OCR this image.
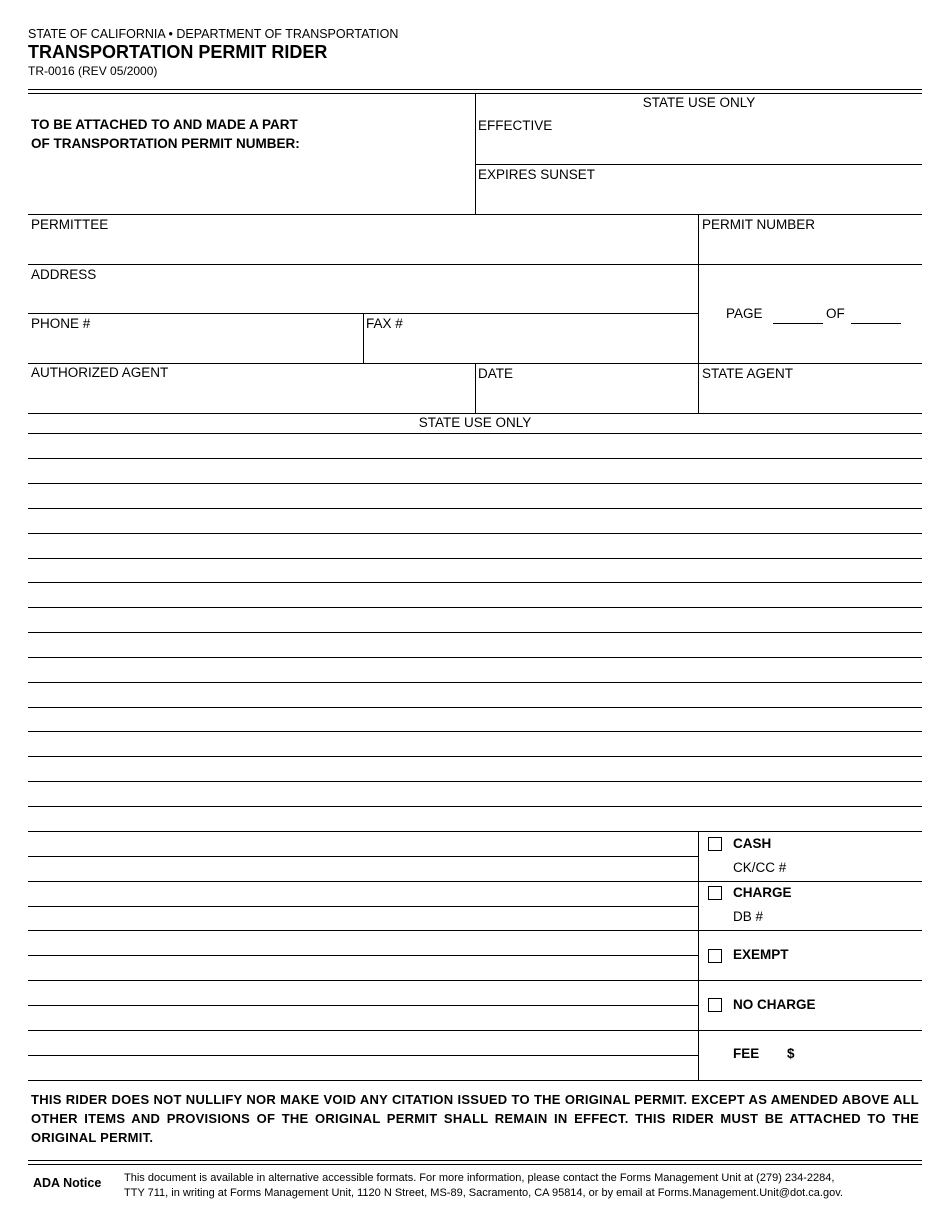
STATE OF CALIFORNIA • DEPARTMENT OF TRANSPORTATION
TRANSPORTATION PERMIT RIDER
TR-0016 (REV 05/2000)
TO BE ATTACHED TO AND MADE A PART
OF TRANSPORTATION PERMIT NUMBER:
STATE USE ONLY
EFFECTIVE
EXPIRES SUNSET
PERMITTEE	PERMIT NUMBER
ADDRESS
PHONE #	FAX #
PAGE	OF
AUTHORIZED AGENT	DATE	STATE AGENT
STATE USE ONLY
CASH
CK/CC #
CHARGE
DB #
EXEMPT
NO CHARGE
FEE $
THIS RIDER DOES NOT NULLIFY NOR MAKE VOID ANY CITATION ISSUED TO THE ORIGINAL PERMIT. EXCEPT AS AMENDED ABOVE ALL OTHER ITEMS AND PROVISIONS OF THE ORIGINAL PERMIT SHALL REMAIN IN EFFECT. THIS RIDER MUST BE ATTACHED TO THE ORIGINAL PERMIT.
ADA Notice This document is available in alternative accessible formats. For more information, please contact the Forms Management Unit at (279) 234-2284,
TTY 711, in writing at Forms Management Unit, 1120 N Street, MS-89, Sacramento, CA 95814, or by email at Forms.Management.Unit@dot.ca.gov.
